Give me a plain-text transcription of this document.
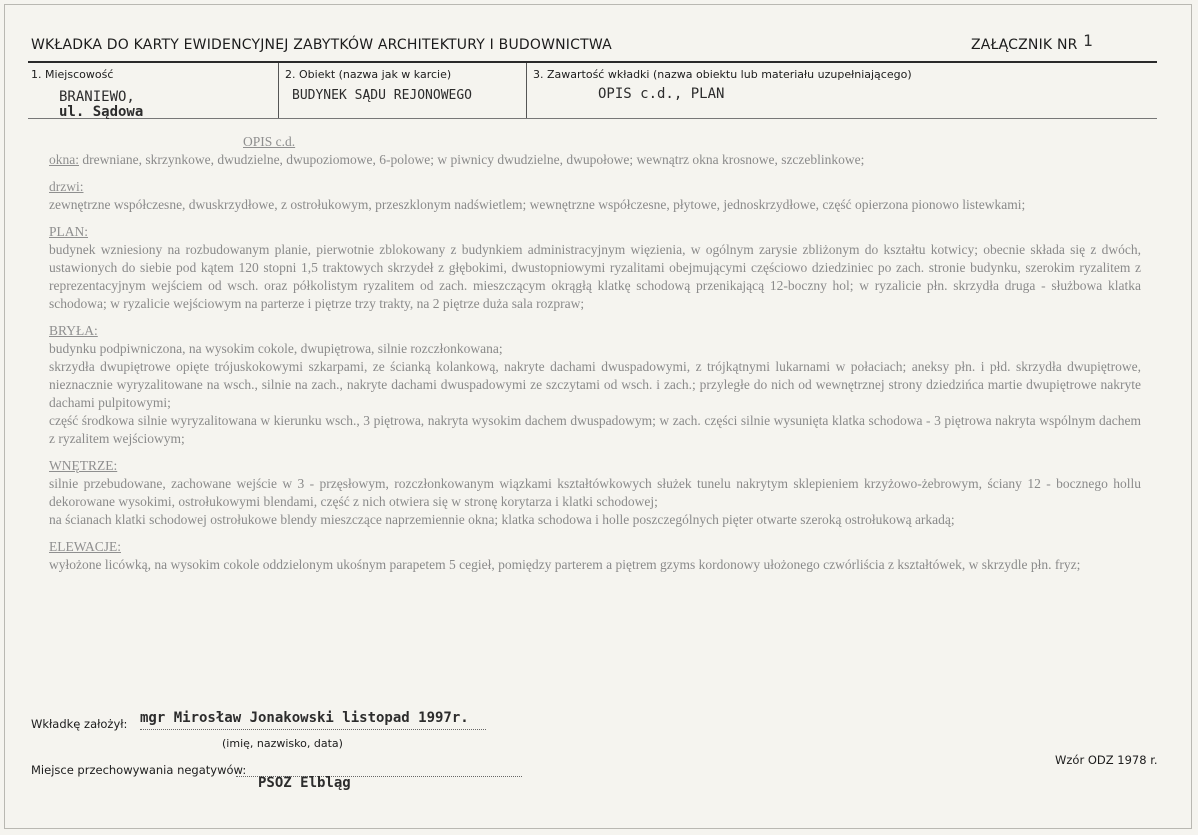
WKŁADKA DO KARTY EWIDENCYJNEJ ZABYTKÓW ARCHITEKTURY I BUDOWNICTWA	ZAŁĄCZNIK NR 1
1. Miejscowość
BRANIEWO,
ul. Sądowa
2. Obiekt (nazwa jak w karcie)
BUDYNEK SĄDU REJONOWEGO
3. Zawartość wkładki (nazwa obiektu lub materiału uzupełniającego)
OPIS c.d., PLAN

OPIS c.d.

okna: drewniane, skrzynkowe, dwudzielne, dwupoziomowe, 6-polowe; w piwnicy dwudzielne, dwupołowe; wewnątrz okna krosnowe, szczeblinkowe;

drzwi:

zewnętrzne współczesne, dwuskrzydłowe, z ostrołukowym, przeszklonym nadświetlem; wewnętrzne współczesne, płytowe, jednoskrzydłowe, część opierzona pionowo listewkami;

PLAN:

budynek wzniesiony na rozbudowanym planie, pierwotnie zblokowany z budynkiem administracyjnym więzienia, w ogólnym zarysie zbliżonym do kształtu kotwicy; obecnie składa się z dwóch, ustawionych do siebie pod kątem 120 stopni 1,5 traktowych skrzydeł z głębokimi, dwustopniowymi ryzalitami obejmującymi częściowo dziedziniec po zach. stronie budynku, szerokim ryzalitem z reprezentacyjnym wejściem od wsch. oraz półkolistym ryzalitem od zach. mieszczącym okrągłą klatkę schodową przenikającą 12-boczny hol; w ryzalicie płn. skrzydła druga - służbowa klatka schodowa; w ryzalicie wejściowym na parterze i piętrze trzy trakty, na 2 piętrze duża sala rozpraw;

BRYŁA:

budynku podpiwniczona, na wysokim cokole, dwupiętrowa, silnie rozczłonkowana;

skrzydła dwupiętrowe opięte trójuskokowymi szkarpami, ze ścianką kolankową, nakryte dachami dwuspadowymi, z trójkątnymi lukarnami w połaciach; aneksy płn. i płd. skrzydła dwupiętrowe, nieznacznie wyryzalitowane na wsch., silnie na zach., nakryte dachami dwuspadowymi ze szczytami od wsch. i zach.; przyległe do nich od wewnętrznej strony dziedzińca martie dwupiętrowe nakryte dachami pulpitowymi;

część środkowa silnie wyryzalitowana w kierunku wsch., 3 piętrowa, nakryta wysokim dachem dwuspadowym; w zach. części silnie wysunięta klatka schodowa - 3 piętrowa nakryta wspólnym dachem z ryzalitem wejściowym;

WNĘTRZE:

silnie przebudowane, zachowane wejście w 3 - przęsłowym, rozczłonkowanym wiązkami kształtówkowych służek tunelu nakrytym sklepieniem krzyżowo-żebrowym, ściany 12 - bocznego hollu dekorowane wysokimi, ostrołukowymi blendami, część z nich otwiera się w stronę korytarza i klatki schodowej;

na ścianach klatki schodowej ostrołukowe blendy mieszczące naprzemiennie okna; klatka schodowa i holle poszczególnych pięter otwarte szeroką ostrołukową arkadą;

ELEWACJE:

wyłożone licówką, na wysokim cokole oddzielonym ukośnym parapetem 5 cegieł, pomiędzy parterem a piętrem gzyms kordonowy ułożonego czwórliścia z kształtówek, w skrzydle płn. fryz;

Wkładkę założył: mgr Mirosław Jonakowski listopad 1997r.
(imię, nazwisko, data)
Wzór ODZ 1978 r.
Miejsce przechowywania negatywów:
PSOZ Elbląg
